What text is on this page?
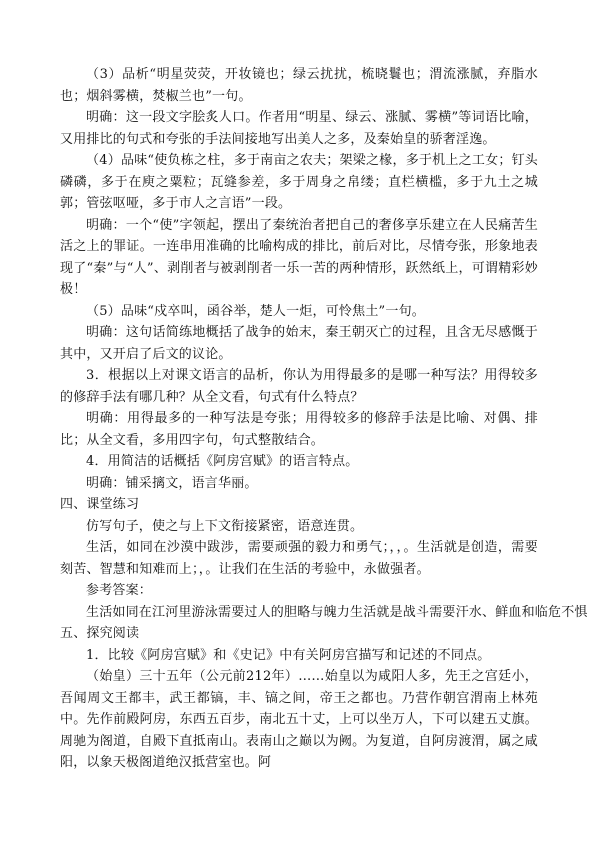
（3）品析“明星荧荧，开妆镜也；绿云扰扰，梳晓鬟也；渭流涨腻，弃脂水也；烟斜雾横，焚椒兰也”一句。

明确：这一段文字脍炙人口。作者用“明星、绿云、涨腻、雾横”等词语比喻，又用排比的句式和夸张的手法间接地写出美人之多，及秦始皇的骄奢淫逸。

（4）品味“使负栋之柱，多于南亩之农夫；架梁之椽，多于机上之工女；钉头磷磷，多于在庾之粟粒；瓦缝参差，多于周身之帛缕；直栏横槛，多于九土之城郭；管弦呕哑，多于市人之言语”一段。

明确：一个“使”字领起，摆出了秦统治者把自己的奢侈享乐建立在人民痛苦生活之上的罪证。一连串用准确的比喻构成的排比，前后对比，尽情夸张，形象地表现了“秦”与“人”、剥削者与被剥削者一乐一苦的两种情形，跃然纸上，可谓精彩妙极！

（5）品味“戍卒叫，函谷举，楚人一炬，可怜焦土”一句。

明确：这句话简练地概括了战争的始末，秦王朝灭亡的过程，且含无尽感慨于其中，又开启了后文的议论。

3．根据以上对课文语言的品析，你认为用得最多的是哪一种写法？用得较多的修辞手法有哪几种？从全文看，句式有什么特点？

明确：用得最多的一种写法是夸张；用得较多的修辞手法是比喻、对偶、排比；从全文看，多用四字句，句式整散结合。

4．用简洁的话概括《阿房宫赋》的语言特点。

明确：铺采摛文，语言华丽。

四、课堂练习

仿写句子，使之与上下文衔接紧密，语意连贯。

生活，如同在沙漠中跋涉，需要顽强的毅力和勇气；，，。生活就是创造，需要刻苦、智慧和知难而上；，。让我们在生活的考验中，永做强者。

参考答案：

生活如同在江河里游泳需要过人的胆略与魄力生活就是战斗需要汗水、鲜血和临危不惧

五、探究阅读

1．比较《阿房宫赋》和《史记》中有关阿房宫描写和记述的不同点。

（始皇）三十五年（公元前212年）……始皇以为咸阳人多，先王之宫廷小，吾闻周文王都丰，武王都镐，丰、镐之间，帝王之都也。乃营作朝宫渭南上林苑中。先作前殿阿房，东西五百步，南北五十丈，上可以坐万人，下可以建五丈旗。周驰为阁道，自殿下直抵南山。表南山之巅以为阙。为复道，自阿房渡渭，属之咸阳，以象天极阁道绝汉抵营室也。阿
